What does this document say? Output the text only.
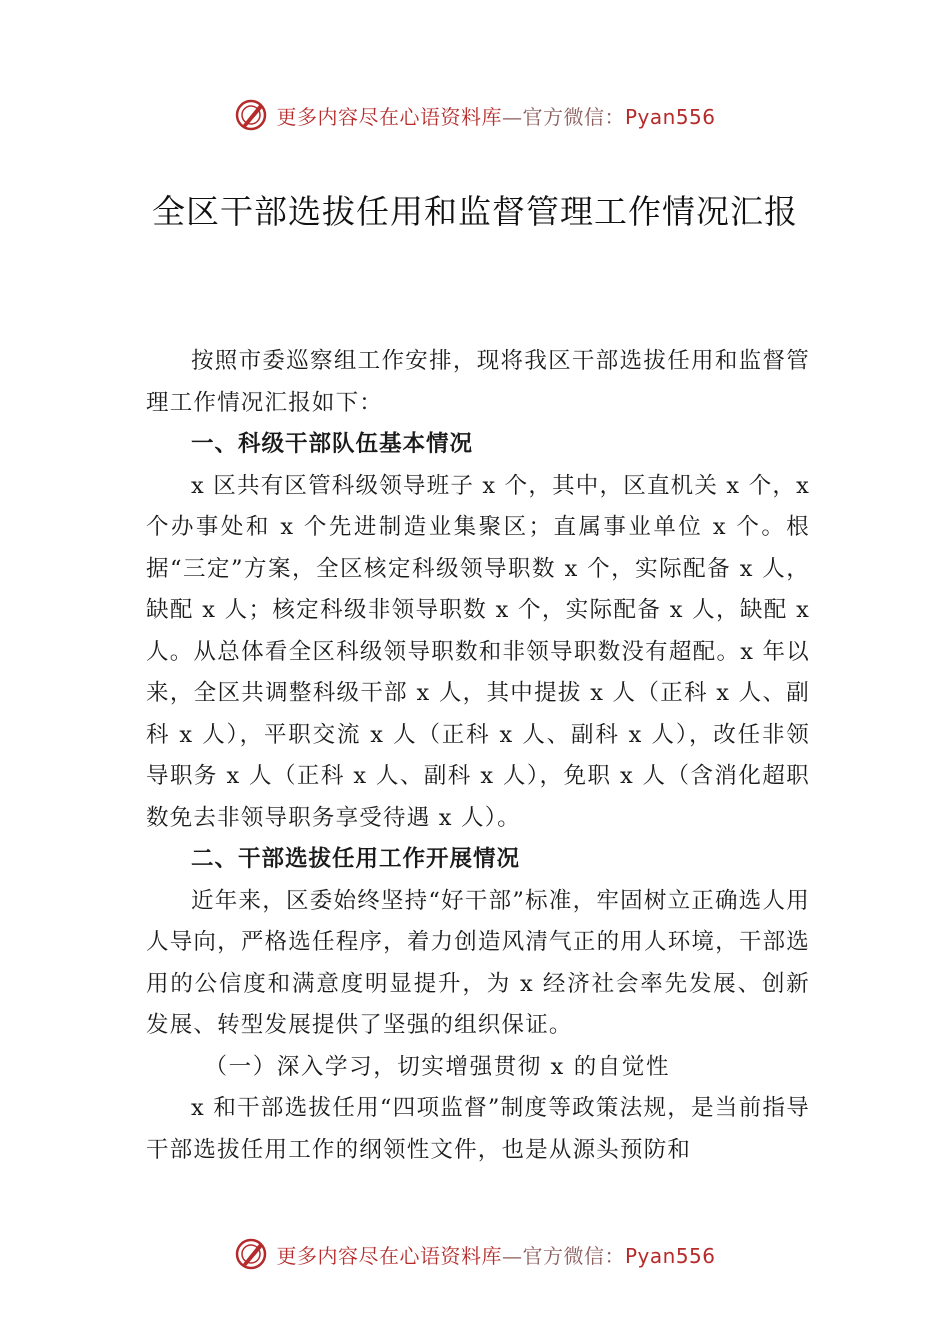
更多内容尽在心语资料库—官方微信：Pyan556
全区干部选拔任用和监督管理工作情况汇报

按照市委巡察组工作安排，现将我区干部选拔任用和监督管理工作情况汇报如下：

一、科级干部队伍基本情况

x 区共有区管科级领导班子 x 个，其中，区直机关 x 个，x 个办事处和 x 个先进制造业集聚区；直属事业单位 x 个。根据“三定”方案，全区核定科级领导职数 x 个，实际配备 x 人，缺配 x 人；核定科级非领导职数 x 个，实际配备 x 人，缺配 x 人。从总体看全区科级领导职数和非领导职数没有超配。x 年以来，全区共调整科级干部 x 人，其中提拔 x 人（正科 x 人、副科 x 人），平职交流 x 人（正科 x 人、副科 x 人），改任非领导职务 x 人（正科 x 人、副科 x 人），免职 x 人（含消化超职数免去非领导职务享受待遇 x 人）。

二、干部选拔任用工作开展情况

近年来，区委始终坚持“好干部”标准，牢固树立正确选人用人导向，严格选任程序，着力创造风清气正的用人环境，干部选用的公信度和满意度明显提升，为 x 经济社会率先发展、创新发展、转型发展提供了坚强的组织保证。

（一）深入学习，切实增强贯彻 x 的自觉性

x 和干部选拔任用“四项监督”制度等政策法规，是当前指导干部选拔任用工作的纲领性文件，也是从源头预防和

更多内容尽在心语资料库—官方微信：Pyan556
